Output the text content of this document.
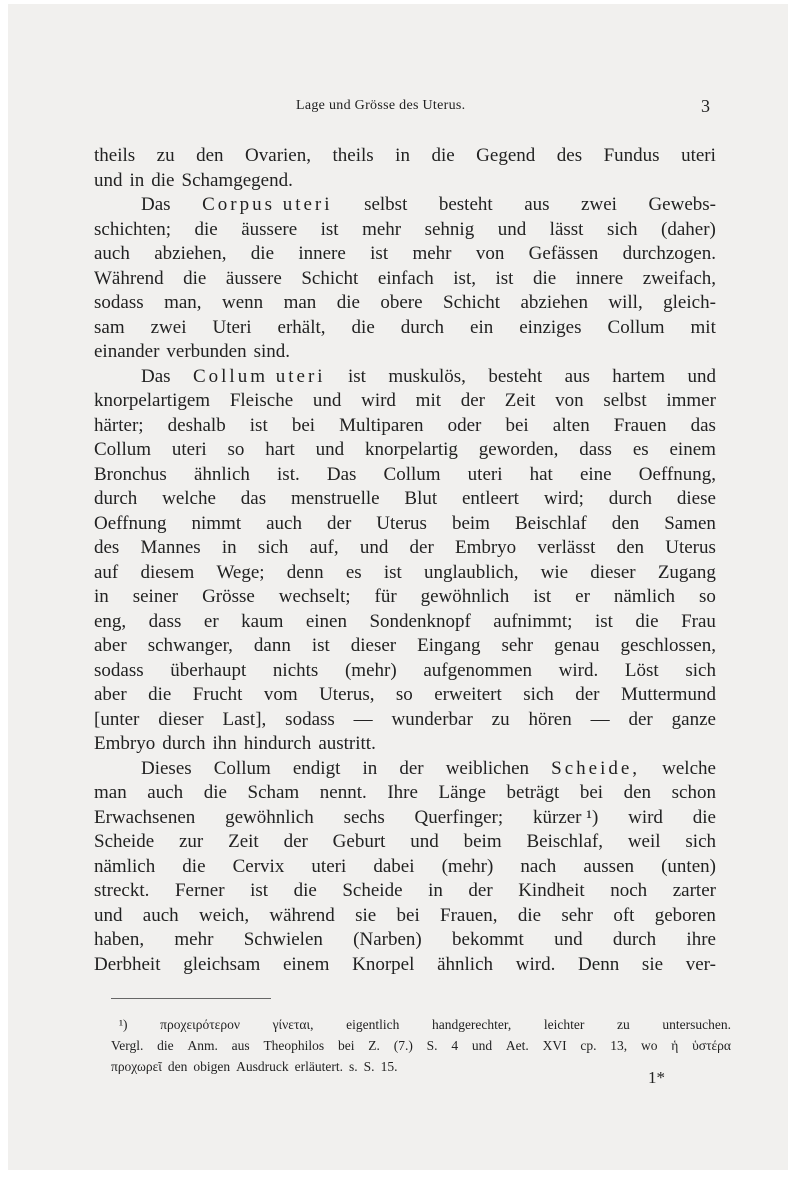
Lage und Grösse des Uterus.	3
theils zu den Ovarien, theils in die Gegend des Fundus uteri
und in die Schamgegend.
Das Corpus uteri selbst besteht aus zwei Gewebs-
schichten; die äussere ist mehr sehnig und lässt sich (daher)
auch abziehen, die innere ist mehr von Gefässen durchzogen.
Während die äussere Schicht einfach ist, ist die innere zweifach,
sodass man, wenn man die obere Schicht abziehen will, gleich-
sam zwei Uteri erhält, die durch ein einziges Collum mit
einander verbunden sind.
Das Collum uteri ist muskulös, besteht aus hartem und
knorpelartigem Fleische und wird mit der Zeit von selbst immer
härter; deshalb ist bei Multiparen oder bei alten Frauen das
Collum uteri so hart und knorpelartig geworden, dass es einem
Bronchus ähnlich ist. Das Collum uteri hat eine Oeffnung,
durch welche das menstruelle Blut entleert wird; durch diese
Oeffnung nimmt auch der Uterus beim Beischlaf den Samen
des Mannes in sich auf, und der Embryo verlässt den Uterus
auf diesem Wege; denn es ist unglaublich, wie dieser Zugang
in seiner Grösse wechselt; für gewöhnlich ist er nämlich so
eng, dass er kaum einen Sondenknopf aufnimmt; ist die Frau
aber schwanger, dann ist dieser Eingang sehr genau geschlossen,
sodass überhaupt nichts (mehr) aufgenommen wird. Löst sich
aber die Frucht vom Uterus, so erweitert sich der Muttermund
[unter dieser Last], sodass — wunderbar zu hören — der ganze
Embryo durch ihn hindurch austritt.
Dieses Collum endigt in der weiblichen Scheide, welche
man auch die Scham nennt. Ihre Länge beträgt bei den schon
Erwachsenen gewöhnlich sechs Querfinger; kürzer ¹) wird die
Scheide zur Zeit der Geburt und beim Beischlaf, weil sich
nämlich die Cervix uteri dabei (mehr) nach aussen (unten)
streckt. Ferner ist die Scheide in der Kindheit noch zarter
und auch weich, während sie bei Frauen, die sehr oft geboren
haben, mehr Schwielen (Narben) bekommt und durch ihre
Derbheit gleichsam einem Knorpel ähnlich wird. Denn sie ver-
¹) προχειρότερον γίνεται, eigentlich handgerechter, leichter zu untersuchen.
Vergl. die Anm. aus Theophilos bei Z. (7.) S. 4 und Aet. XVI cp. 13, wo ἡ ὑστέρα
προχωρεῖ den obigen Ausdruck erläutert. s. S. 15.
1*
